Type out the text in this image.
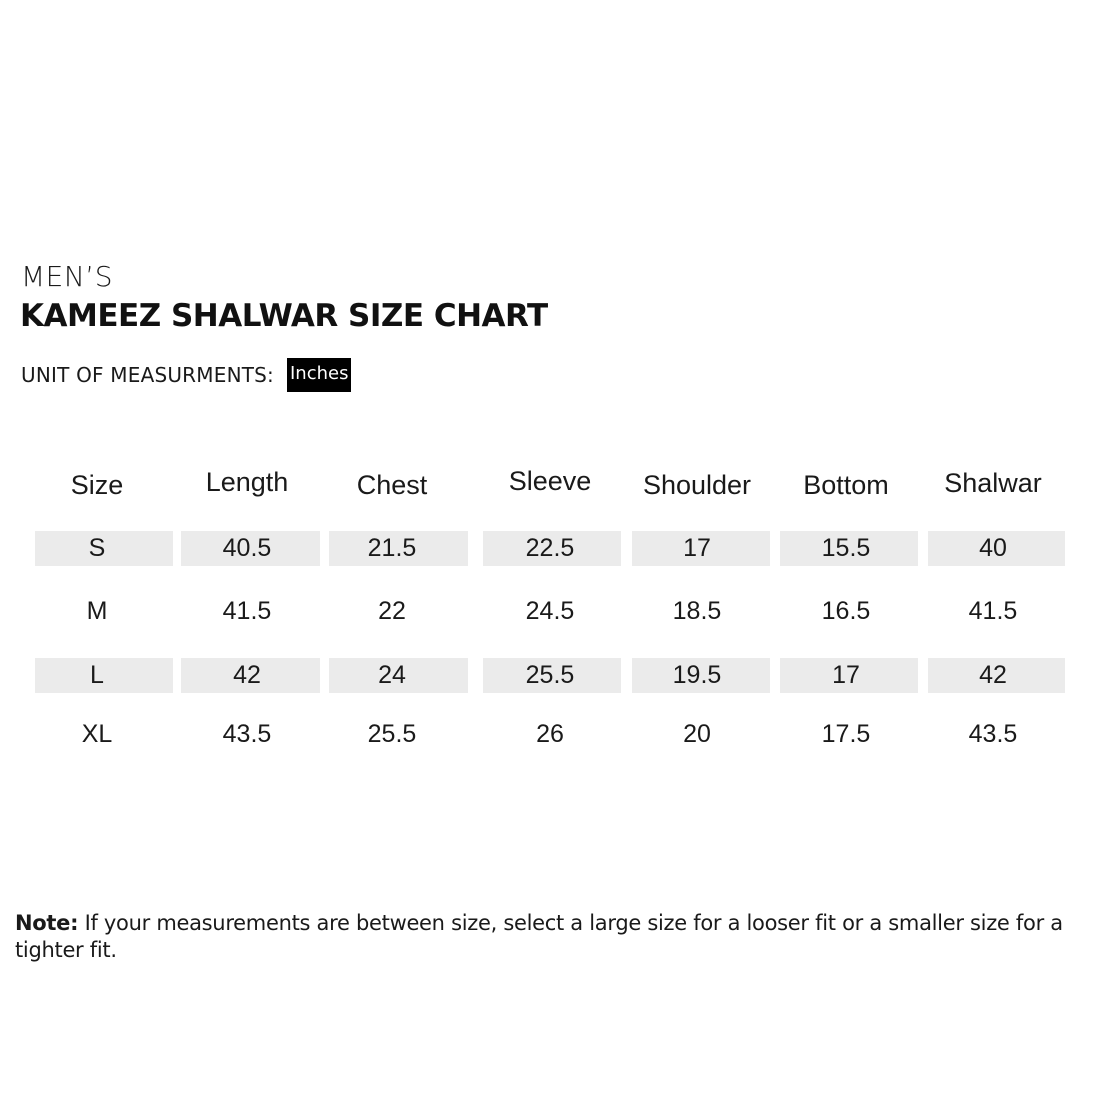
MEN’S
KAMEEZ SHALWAR SIZE CHART
UNIT OF MEASURMENTS: Inches
Size	Length	Chest	Sleeve	Shoulder	Bottom	Shalwar
S	40.5	21.5	22.5	17	15.5	40
M	41.5	22	24.5	18.5	16.5	41.5
L	42	24	25.5	19.5	17	42
XL	43.5	25.5	26	20	17.5	43.5
Note: If your measurements are between size, select a large size for a looser fit or a smaller size for a tighter fit.
